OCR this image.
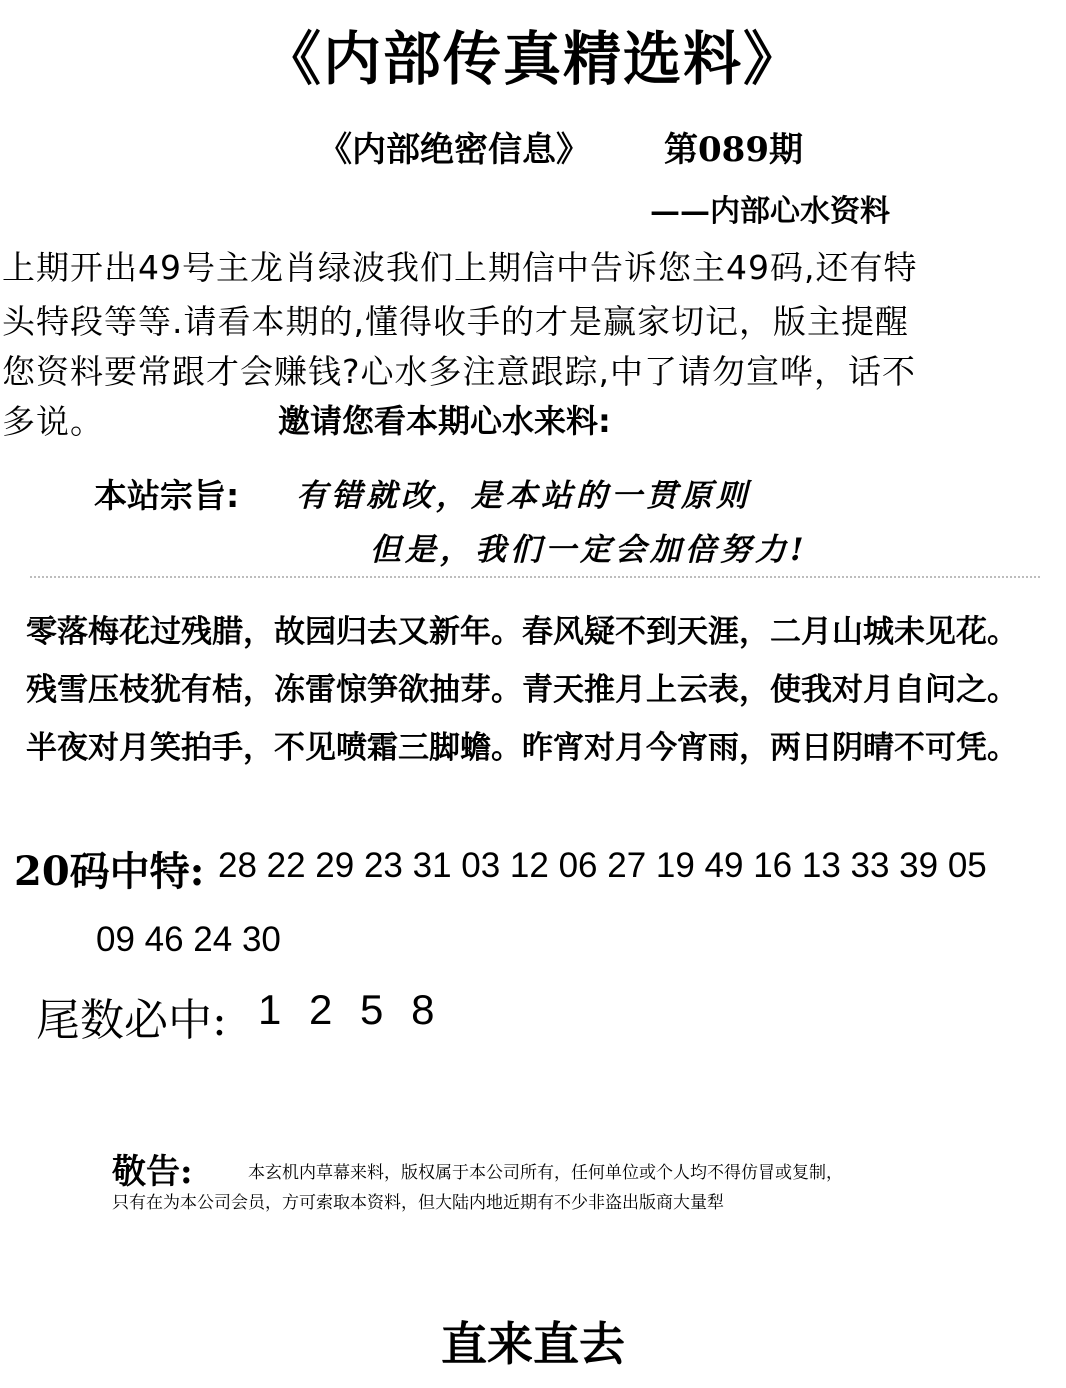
《内部传真精选料》
《内部绝密信息》 第089期
——内部心水资料
上期开出49号主龙肖绿波我们上期信中告诉您主49码,还有特
头特段等等.请看本期的,懂得收手的才是赢家切记，版主提醒
您资料要常跟才会赚钱?心水多注意跟踪,中了请勿宣哗，话不
多说。	邀请您看本期心水来料:
本站宗旨: 有错就改，是本站的一贯原则
但是，我们一定会加倍努力!
零落梅花过残腊，故园归去又新年。春风疑不到天涯，二月山城未见花。
残雪压枝犹有桔，冻雷惊笋欲抽芽。青天推月上云表，使我对月自问之。
半夜对月笑拍手，不见喷霜三脚蟾。昨宵对月今宵雨，两日阴晴不可凭。
20码中特: 28 22 29 23 31 03 12 06 27 19 49 16 13 33 39 05
09 46 24 30
尾数必中: 1 2 5 8
敬告:	本玄机内草幕来料，版权属于本公司所有，任何单位或个人均不得仿冒或复制，
只有在为本公司会员，方可索取本资料，但大陆内地近期有不少非盗出版商大量犁
直来直去
